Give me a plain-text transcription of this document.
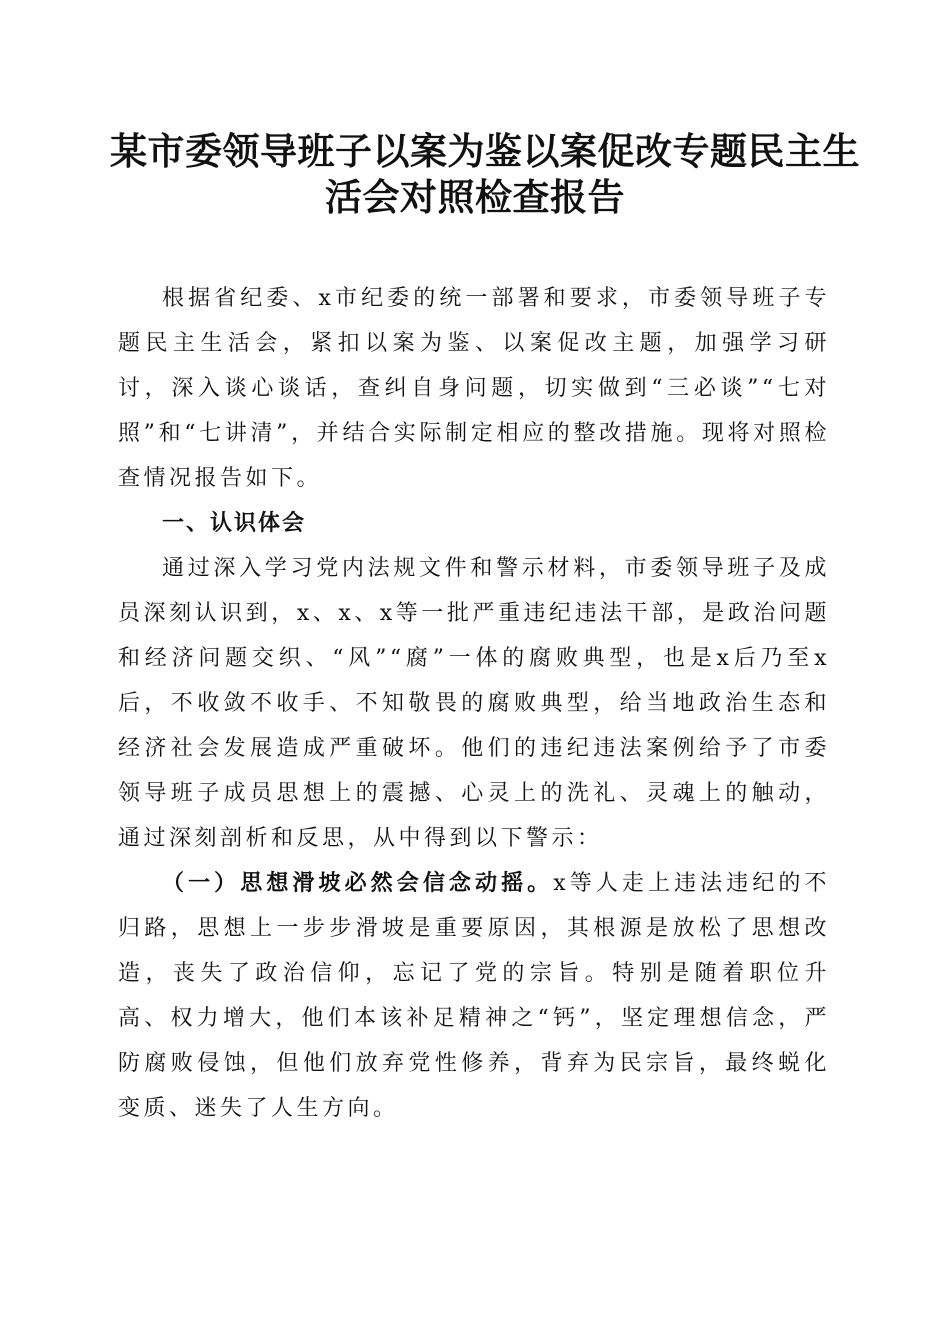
某市委领导班子以案为鉴以案促改专题民主生
活会对照检查报告

根据省纪委、x市纪委的统一部署和要求，市委领导班子专题民主生活会，紧扣以案为鉴、以案促改主题，加强学习研讨，深入谈心谈话，查纠自身问题，切实做到“三必谈”“七对照”和“七讲清”，并结合实际制定相应的整改措施。现将对照检查情况报告如下。

一、认识体会

通过深入学习党内法规文件和警示材料，市委领导班子及成员深刻认识到，x、x、x等一批严重违纪违法干部，是政治问题和经济问题交织、“风”“腐”一体的腐败典型，也是x后乃至x后，不收敛不收手、不知敬畏的腐败典型，给当地政治生态和经济社会发展造成严重破坏。他们的违纪违法案例给予了市委领导班子成员思想上的震撼、心灵上的洗礼、灵魂上的触动，通过深刻剖析和反思，从中得到以下警示：

（一）思想滑坡必然会信念动摇。x等人走上违法违纪的不归路，思想上一步步滑坡是重要原因，其根源是放松了思想改造，丧失了政治信仰，忘记了党的宗旨。特别是随着职位升高、权力增大，他们本该补足精神之“钙”，坚定理想信念，严防腐败侵蚀，但他们放弃党性修养，背弃为民宗旨，最终蜕化变质、迷失了人生方向。
